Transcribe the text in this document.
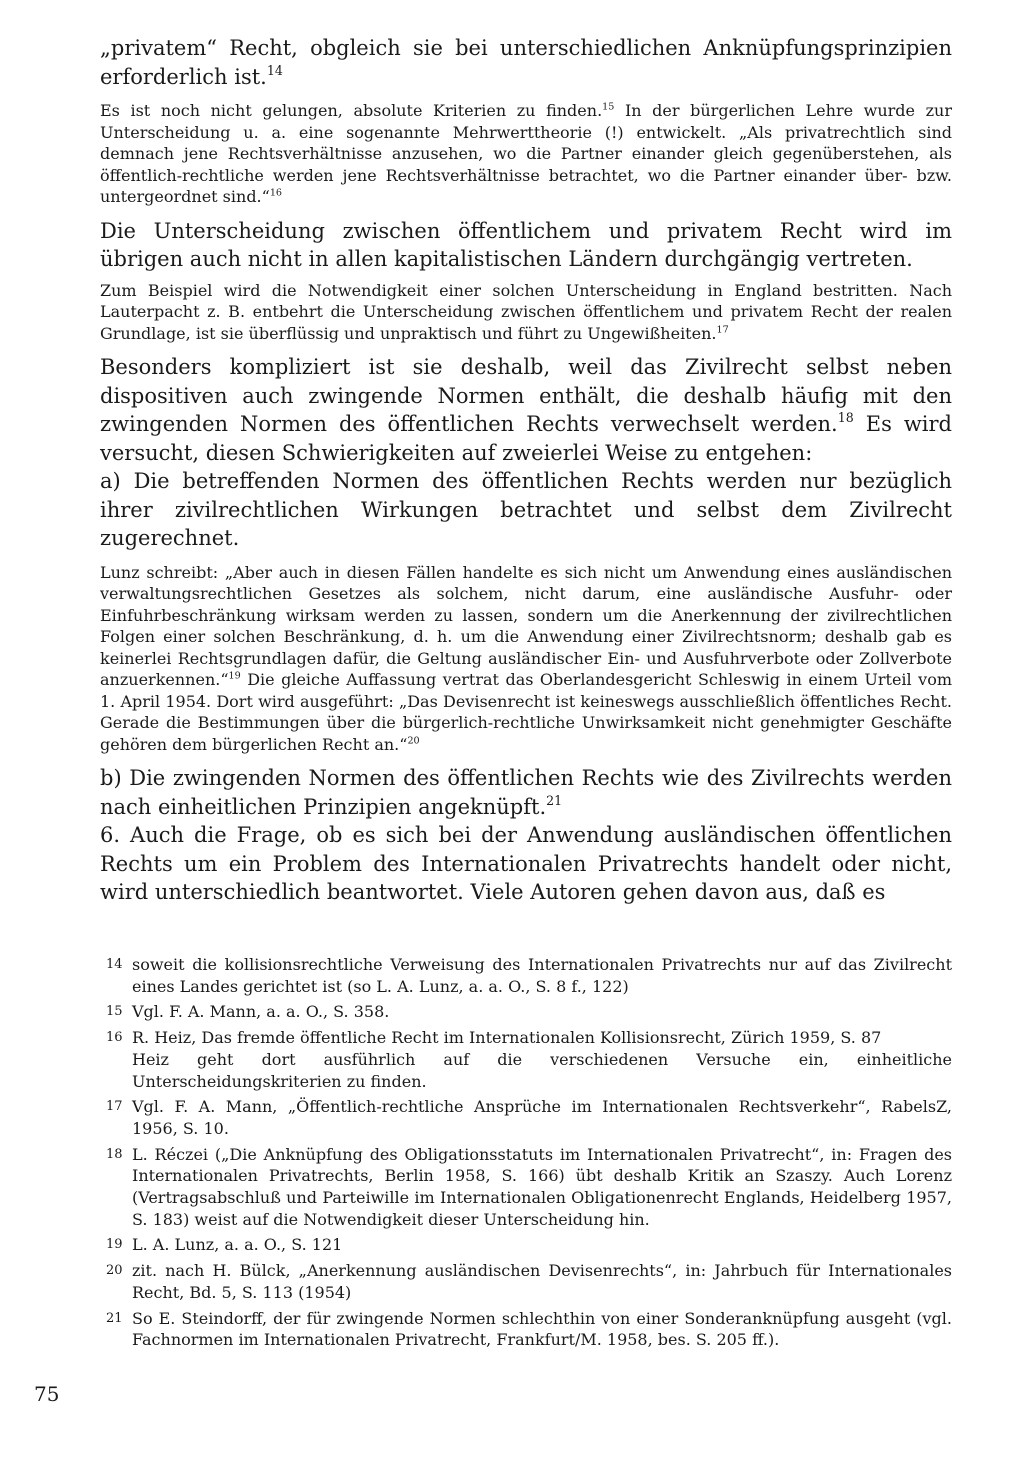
„privatem“ Recht, obgleich sie bei unterschiedlichen Anknüpfungsprinzipien erforderlich ist.$^{14}$

Es ist noch nicht gelungen, absolute Kriterien zu finden.$^{15}$ In der bürgerlichen Lehre wurde zur Unterscheidung u. a. eine sogenannte Mehrwerttheorie (!) entwickelt. „Als privatrechtlich sind demnach jene Rechtsverhältnisse anzusehen, wo die Partner einander gleich gegenüberstehen, als öffentlich-rechtliche werden jene Rechtsverhältnisse betrachtet, wo die Partner einander über- bzw. untergeordnet sind.“$^{16}$

Die Unterscheidung zwischen öffentlichem und privatem Recht wird im übrigen auch nicht in allen kapitalistischen Ländern durchgängig vertreten.

Zum Beispiel wird die Notwendigkeit einer solchen Unterscheidung in England bestritten. Nach Lauterpacht z. B. entbehrt die Unterscheidung zwischen öffentlichem und privatem Recht der realen Grundlage, ist sie überflüssig und unpraktisch und führt zu Ungewißheiten.$^{17}$

Besonders kompliziert ist sie deshalb, weil das Zivilrecht selbst neben dispositiven auch zwingende Normen enthält, die deshalb häufig mit den zwingenden Normen des öffentlichen Rechts verwechselt werden.$^{18}$ Es wird versucht, diesen Schwierigkeiten auf zweierlei Weise zu entgehen:

a) Die betreffenden Normen des öffentlichen Rechts werden nur bezüglich ihrer zivilrechtlichen Wirkungen betrachtet und selbst dem Zivilrecht zugerechnet.

Lunz schreibt: „Aber auch in diesen Fällen handelte es sich nicht um Anwendung eines ausländischen verwaltungsrechtlichen Gesetzes als solchem, nicht darum, eine ausländische Ausfuhr- oder Einfuhrbeschränkung wirksam werden zu lassen, sondern um die Anerkennung der zivilrechtlichen Folgen einer solchen Beschränkung, d. h. um die Anwendung einer Zivilrechtsnorm; deshalb gab es keinerlei Rechtsgrundlagen dafür, die Geltung ausländischer Ein- und Ausfuhrverbote oder Zollverbote anzuerkennen.“$^{19}$ Die gleiche Auffassung vertrat das Oberlandesgericht Schleswig in einem Urteil vom 1. April 1954. Dort wird ausgeführt: „Das Devisenrecht ist keineswegs ausschließlich öffentliches Recht. Gerade die Bestimmungen über die bürgerlich-rechtliche Unwirksamkeit nicht genehmigter Geschäfte gehören dem bürgerlichen Recht an.“$^{20}$

b) Die zwingenden Normen des öffentlichen Rechts wie des Zivilrechts werden nach einheitlichen Prinzipien angeknüpft.$^{21}$

6. Auch die Frage, ob es sich bei der Anwendung ausländischen öffentlichen Rechts um ein Problem des Internationalen Privatrechts handelt oder nicht, wird unterschiedlich beantwortet. Viele Autoren gehen davon aus, daß es

14 soweit die kollisionsrechtliche Verweisung des Internationalen Privatrechts nur auf das Zivilrecht eines Landes gerichtet ist (so L. A. Lunz, a. a. O., S. 8 f., 122)
15 Vgl. F. A. Mann, a. a. O., S. 358.
16 R. Heiz, Das fremde öffentliche Recht im Internationalen Kollisionsrecht, Zürich 1959, S. 87

Heiz geht dort ausführlich auf die verschiedenen Versuche ein, einheitliche Unterscheidungskriterien zu finden.

17 Vgl. F. A. Mann, „Öffentlich-rechtliche Ansprüche im Internationalen Rechtsverkehr“, RabelsZ, 1956, S. 10.
18 L. Réczei („Die Anknüpfung des Obligationsstatuts im Internationalen Privatrecht“, in: Fragen des Internationalen Privatrechts, Berlin 1958, S. 166) übt deshalb Kritik an Szaszy. Auch Lorenz (Vertragsabschluß und Parteiwille im Internationalen Obligationenrecht Englands, Heidelberg 1957, S. 183) weist auf die Notwendigkeit dieser Unterscheidung hin.
19 L. A. Lunz, a. a. O., S. 121
20 zit. nach H. Bülck, „Anerkennung ausländischen Devisenrechts“, in: Jahrbuch für Internationales Recht, Bd. 5, S. 113 (1954)
21 So E. Steindorff, der für zwingende Normen schlechthin von einer Sonderanknüpfung ausgeht (vgl. Fachnormen im Internationalen Privatrecht, Frankfurt/M. 1958, bes. S. 205 ff.).
75
